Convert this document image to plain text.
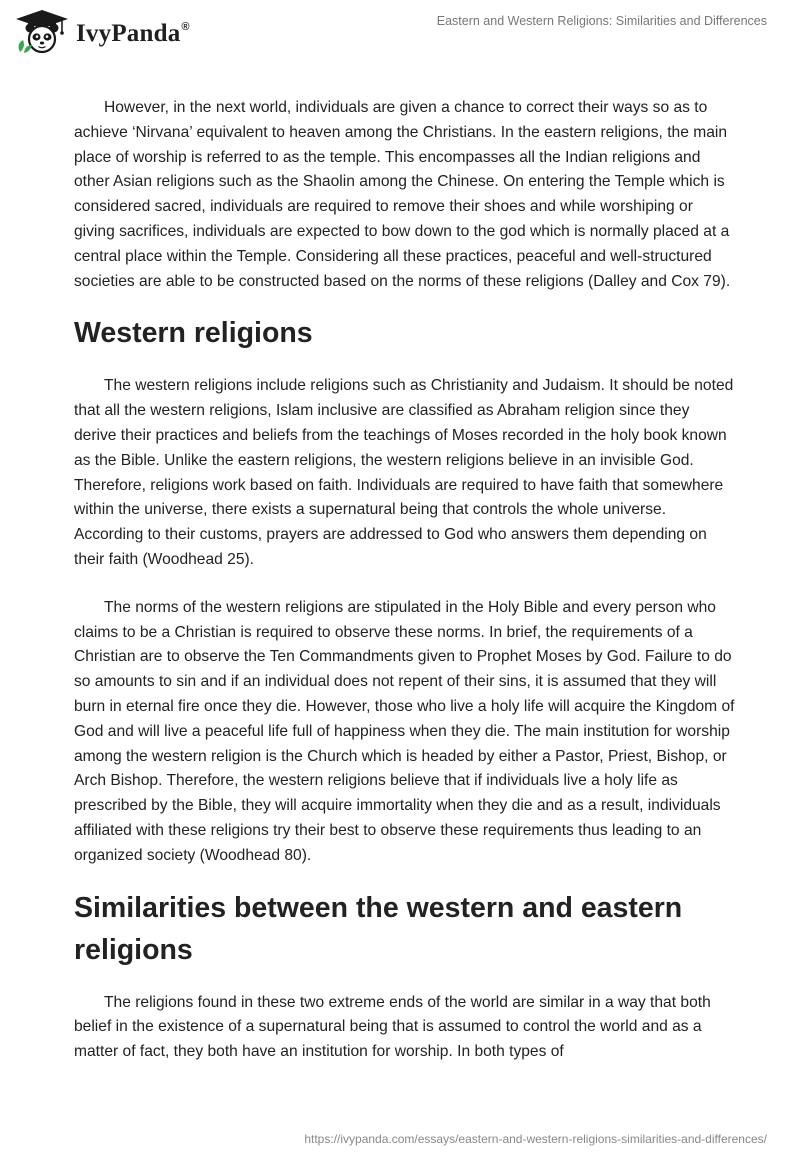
IvyPanda®	Eastern and Western Religions: Similarities and Differences

However, in the next world, individuals are given a chance to correct their ways so as to achieve ‘Nirvana’ equivalent to heaven among the Christians. In the eastern religions, the main place of worship is referred to as the temple. This encompasses all the Indian religions and other Asian religions such as the Shaolin among the Chinese. On entering the Temple which is considered sacred, individuals are required to remove their shoes and while worshiping or giving sacrifices, individuals are expected to bow down to the god which is normally placed at a central place within the Temple. Considering all these practices, peaceful and well-structured societies are able to be constructed based on the norms of these religions (Dalley and Cox 79).

Western religions

The western religions include religions such as Christianity and Judaism. It should be noted that all the western religions, Islam inclusive are classified as Abraham religion since they derive their practices and beliefs from the teachings of Moses recorded in the holy book known as the Bible. Unlike the eastern religions, the western religions believe in an invisible God. Therefore, religions work based on faith. Individuals are required to have faith that somewhere within the universe, there exists a supernatural being that controls the whole universe. According to their customs, prayers are addressed to God who answers them depending on their faith (Woodhead 25).

The norms of the western religions are stipulated in the Holy Bible and every person who claims to be a Christian is required to observe these norms. In brief, the requirements of a Christian are to observe the Ten Commandments given to Prophet Moses by God. Failure to do so amounts to sin and if an individual does not repent of their sins, it is assumed that they will burn in eternal fire once they die. However, those who live a holy life will acquire the Kingdom of God and will live a peaceful life full of happiness when they die. The main institution for worship among the western religion is the Church which is headed by either a Pastor, Priest, Bishop, or Arch Bishop. Therefore, the western religions believe that if individuals live a holy life as prescribed by the Bible, they will acquire immortality when they die and as a result, individuals affiliated with these religions try their best to observe these requirements thus leading to an organized society (Woodhead 80).

Similarities between the western and eastern religions

The religions found in these two extreme ends of the world are similar in a way that both belief in the existence of a supernatural being that is assumed to control the world and as a matter of fact, they both have an institution for worship. In both types of

https://ivypanda.com/essays/eastern-and-western-religions-similarities-and-differences/
